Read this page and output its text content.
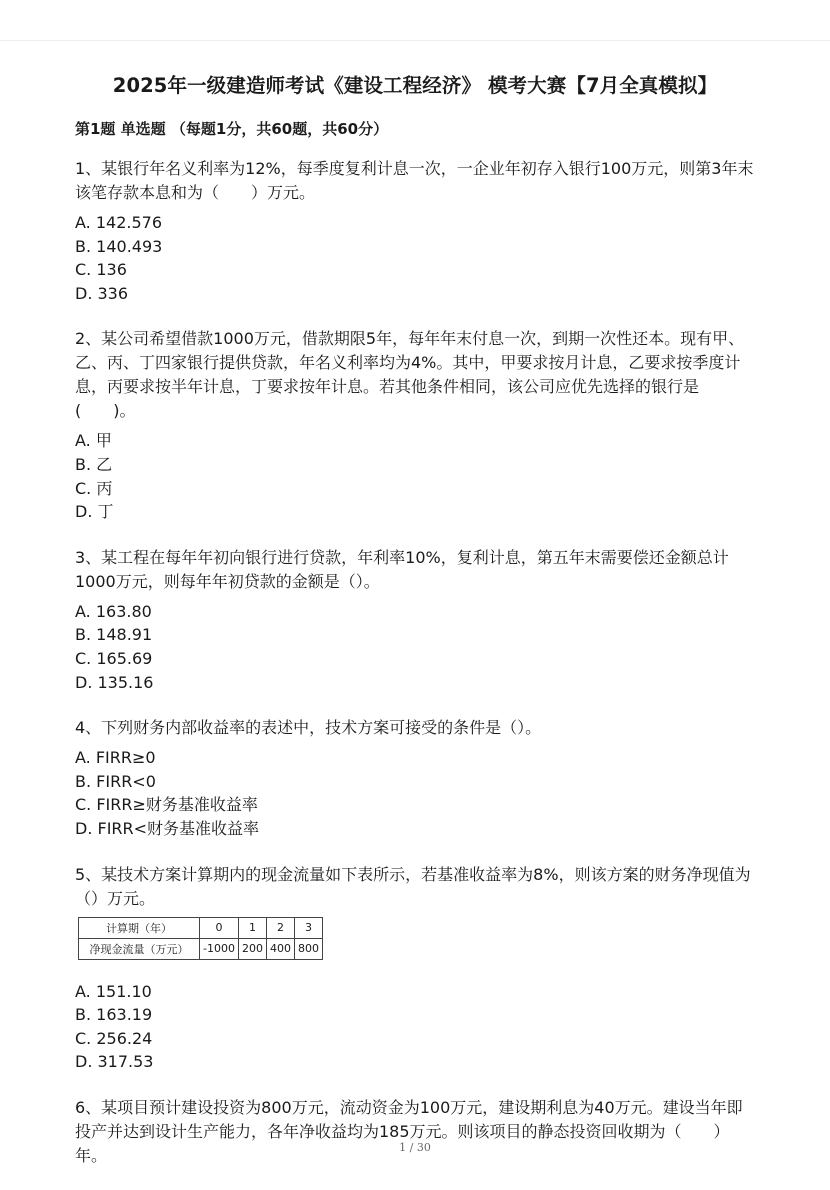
2025年一级建造师考试《建设工程经济》 模考大赛【7月全真模拟】
第1题 单选题 （每题1分，共60题，共60分）

1、某银行年名义利率为12%，每季度复利计息一次，一企业年初存入银行100万元，则第3年末该笔存款本息和为（　　）万元。

A. 142.576

B. 140.493

C. 136

D. 336

2、某公司希望借款1000万元，借款期限5年，每年年末付息一次，到期一次性还本。现有甲、乙、丙、丁四家银行提供贷款，年名义利率均为4%。其中，甲要求按月计息，乙要求按季度计息，丙要求按半年计息，丁要求按年计息。若其他条件相同，该公司应优先选择的银行是(　　)。

A. 甲

B. 乙

C. 丙

D. 丁

3、某工程在每年年初向银行进行贷款，年利率10%，复利计息，第五年末需要偿还金额总计1000万元，则每年年初贷款的金额是（）。

A. 163.80

B. 148.91

C. 165.69

D. 135.16

4、下列财务内部收益率的表述中，技术方案可接受的条件是（）。

A. FIRR≥0

B. FIRR<0

C. FIRR≥财务基准收益率

D. FIRR<财务基准收益率

5、某技术方案计算期内的现金流量如下表所示，若基准收益率为8%，则该方案的财务净现值为（）万元。

计算期（年）	0	1	2	3
净现金流量（万元）	-1000	200	400	800

A. 151.10

B. 163.19

C. 256.24

D. 317.53

6、某项目预计建设投资为800万元，流动资金为100万元，建设期利息为40万元。建设当年即投产并达到设计生产能力，各年净收益均为185万元。则该项目的静态投资回收期为（　　）年。	1 / 30
